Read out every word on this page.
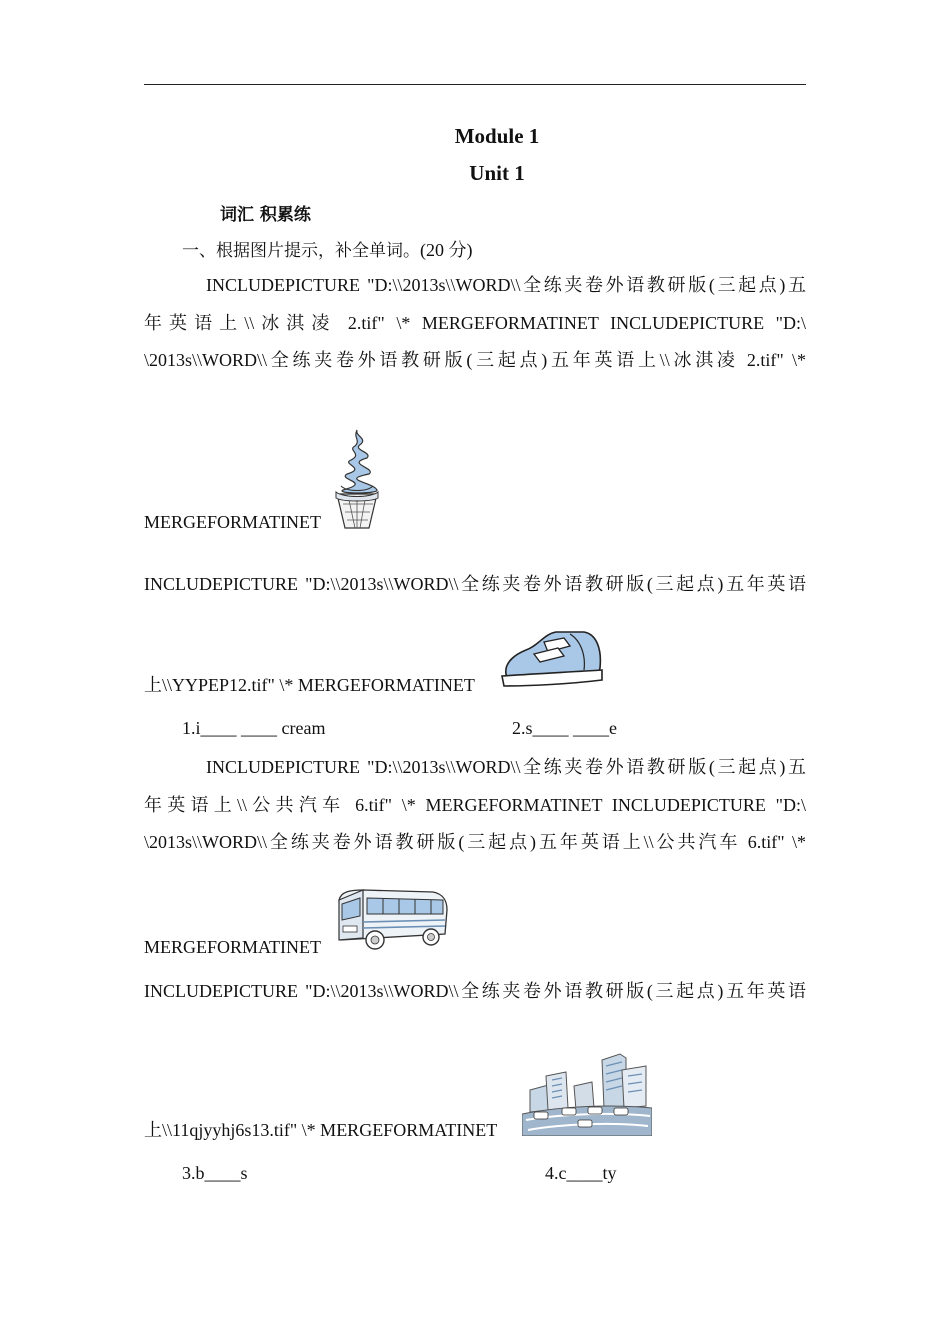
Module 1
Unit 1
词汇 积累练
一、根据图片提示，补全单词。(20 分)
INCLUDEPICTURE "D:\\2013s\\WORD\\全练夹卷外语教研版(三起点)五
年英语上\\冰淇凌 2.tif" \* MERGEFORMATINET INCLUDEPICTURE "D:\
\2013s\\WORD\\全练夹卷外语教研版(三起点)五年英语上\\冰淇凌 2.tif" \*
MERGEFORMATINET
INCLUDEPICTURE "D:\\2013s\\WORD\\全练夹卷外语教研版(三起点)五年英语
上\\YYPEP12.tif" \* MERGEFORMATINET
1.i____ ____ cream	2.s____ ____e
INCLUDEPICTURE "D:\\2013s\\WORD\\全练夹卷外语教研版(三起点)五
年英语上\\公共汽车 6.tif" \* MERGEFORMATINET INCLUDEPICTURE "D:\
\2013s\\WORD\\全练夹卷外语教研版(三起点)五年英语上\\公共汽车 6.tif" \*
MERGEFORMATINET
INCLUDEPICTURE "D:\\2013s\\WORD\\全练夹卷外语教研版(三起点)五年英语
上\\11qjyyhj6s13.tif" \* MERGEFORMATINET
3.b____s	4.c____ty
